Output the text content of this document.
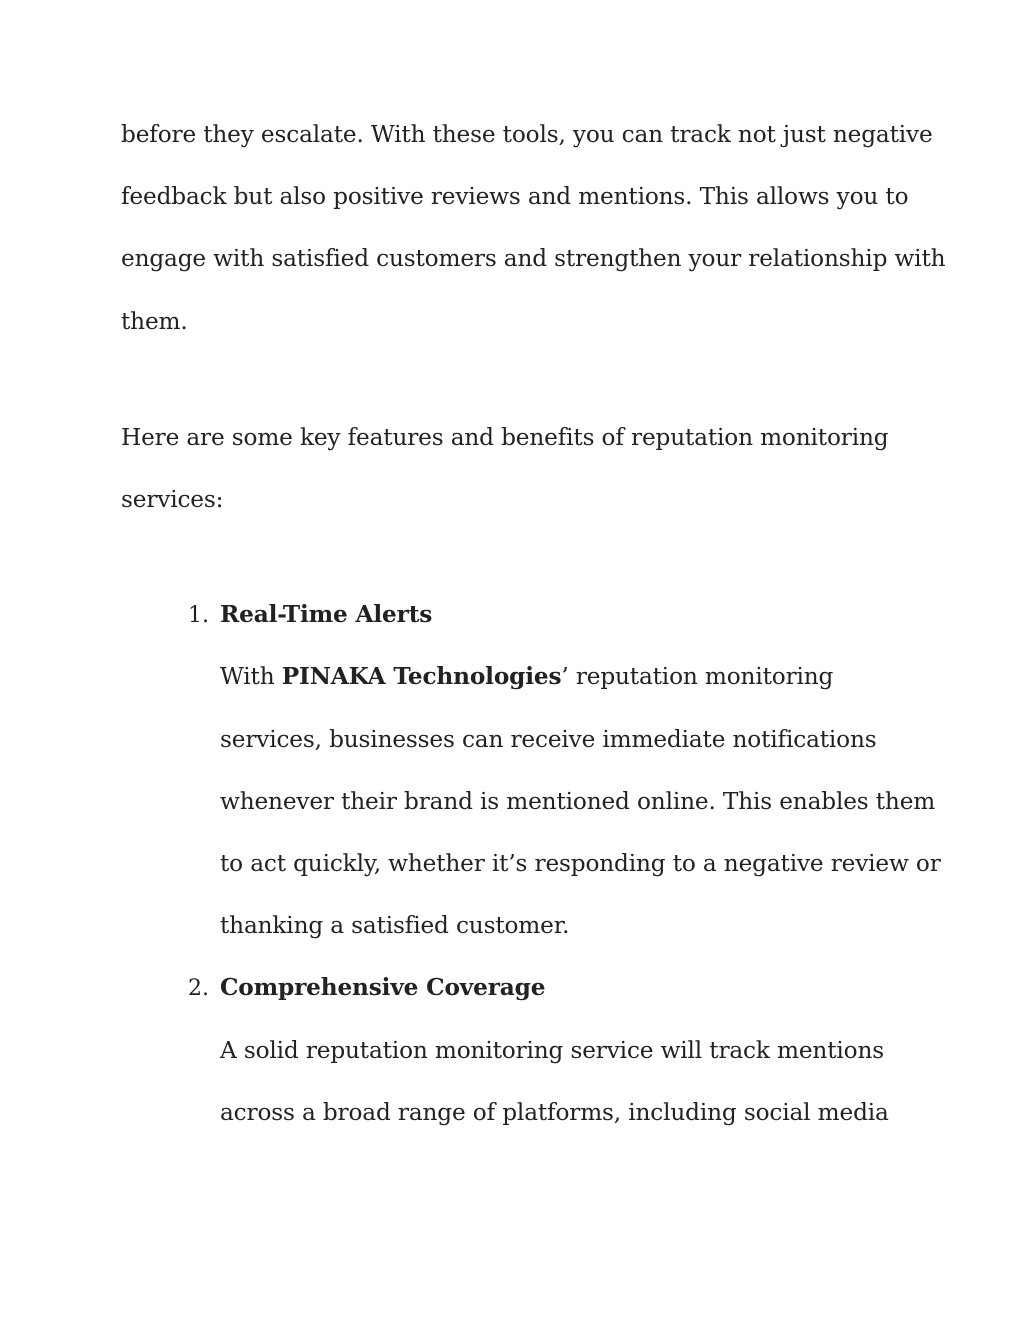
before they escalate. With these tools, you can track not just negative
feedback but also positive reviews and mentions. This allows you to
engage with satisfied customers and strengthen your relationship with
them.
Here are some key features and benefits of reputation monitoring
services:
1. Real-Time Alerts
With PINAKA Technologies’ reputation monitoring
services, businesses can receive immediate notifications
whenever their brand is mentioned online. This enables them
to act quickly, whether it’s responding to a negative review or
thanking a satisfied customer.
2. Comprehensive Coverage
A solid reputation monitoring service will track mentions
across a broad range of platforms, including social media
